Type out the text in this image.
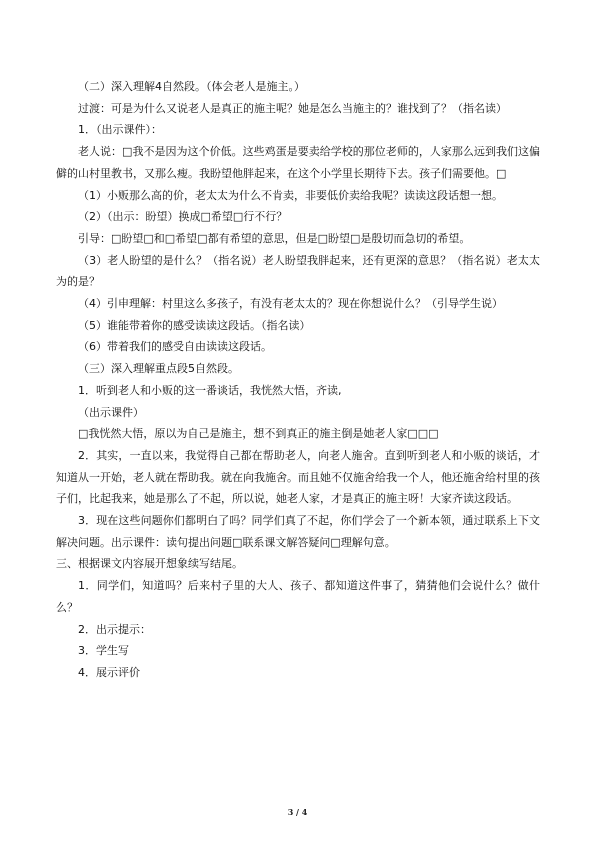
（二）深入理解4自然段。（体会老人是施主。）

过渡：可是为什么又说老人是真正的施主呢？她是怎么当施主的？谁找到了？（指名读）

1．（出示课件）：

老人说：□我不是因为这个价低。这些鸡蛋是要卖给学校的那位老师的，人家那么远到我们这偏僻的山村里教书，又那么瘦。我盼望他胖起来，在这个小学里长期待下去。孩子们需要他。□

（1）小贩那么高的价，老太太为什么不肯卖，非要低价卖给我呢？读读这段话想一想。

（2）（出示：盼望）换成□希望□行不行？

引导：□盼望□和□希望□都有希望的意思，但是□盼望□是殷切而急切的希望。

（3）老人盼望的是什么？（指名说）老人盼望我胖起来，还有更深的意思？（指名说）老太太为的是？

（4）引申理解：村里这么多孩子，有没有老太太的？现在你想说什么？（引导学生说）

（5）谁能带着你的感受读读这段话。（指名读）

（6）带着我们的感受自由读读这段话。

（三）深入理解重点段5自然段。

1．听到老人和小贩的这一番谈话，我恍然大悟，齐读,

（出示课件）

□我恍然大悟，原以为自己是施主，想不到真正的施主倒是她老人家□□□

2．其实，一直以来，我觉得自己都在帮助老人，向老人施舍。直到听到老人和小贩的谈话，才知道从一开始，老人就在帮助我。就在向我施舍。而且她不仅施舍给我一个人，他还施舍给村里的孩子们，比起我来，她是那么了不起，所以说，她老人家，才是真正的施主呀！大家齐读这段话。

3．现在这些问题你们都明白了吗？同学们真了不起，你们学会了一个新本领，通过联系上下文解决问题。出示课件：读句提出问题□联系课文解答疑问□理解句意。

三、根据课文内容展开想象续写结尾。

1．同学们，知道吗？后来村子里的大人、孩子、都知道这件事了，猜猜他们会说什么？做什么？

2．出示提示：

3．学生写

4．展示评价

3 / 4
